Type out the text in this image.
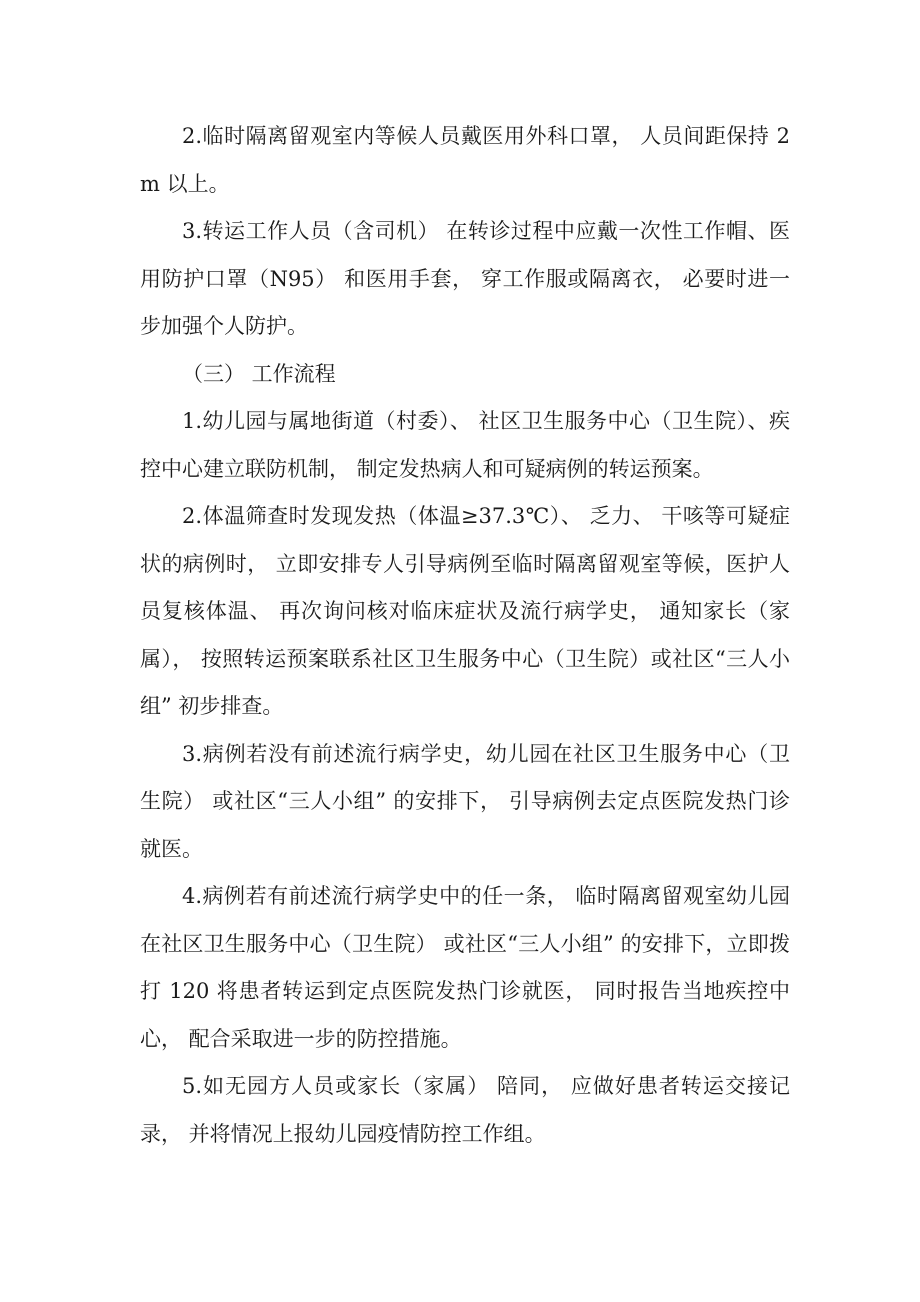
2.临时隔离留观室内等候人员戴医用外科口罩， 人员间距保持 2m 以上。

3.转运工作人员（含司机） 在转诊过程中应戴一次性工作帽、医用防护口罩（N95） 和医用手套， 穿工作服或隔离衣， 必要时进一步加强个人防护。

（三） 工作流程

1.幼儿园与属地街道（村委）、 社区卫生服务中心（卫生院）、疾控中心建立联防机制， 制定发热病人和可疑病例的转运预案。

2.体温筛查时发现发热（体温≥37.3℃）、 乏力、 干咳等可疑症状的病例时， 立即安排专人引导病例至临时隔离留观室等候，医护人员复核体温、 再次询问核对临床症状及流行病学史， 通知家长（家属）， 按照转运预案联系社区卫生服务中心（卫生院）或社区“三人小组” 初步排查。

3.病例若没有前述流行病学史，幼儿园在社区卫生服务中心（卫生院） 或社区“三人小组” 的安排下， 引导病例去定点医院发热门诊就医。

4.病例若有前述流行病学史中的任一条， 临时隔离留观室幼儿园在社区卫生服务中心（卫生院） 或社区“三人小组” 的安排下，立即拨打 120 将患者转运到定点医院发热门诊就医， 同时报告当地疾控中心， 配合采取进一步的防控措施。

5.如无园方人员或家长（家属） 陪同， 应做好患者转运交接记录， 并将情况上报幼儿园疫情防控工作组。
